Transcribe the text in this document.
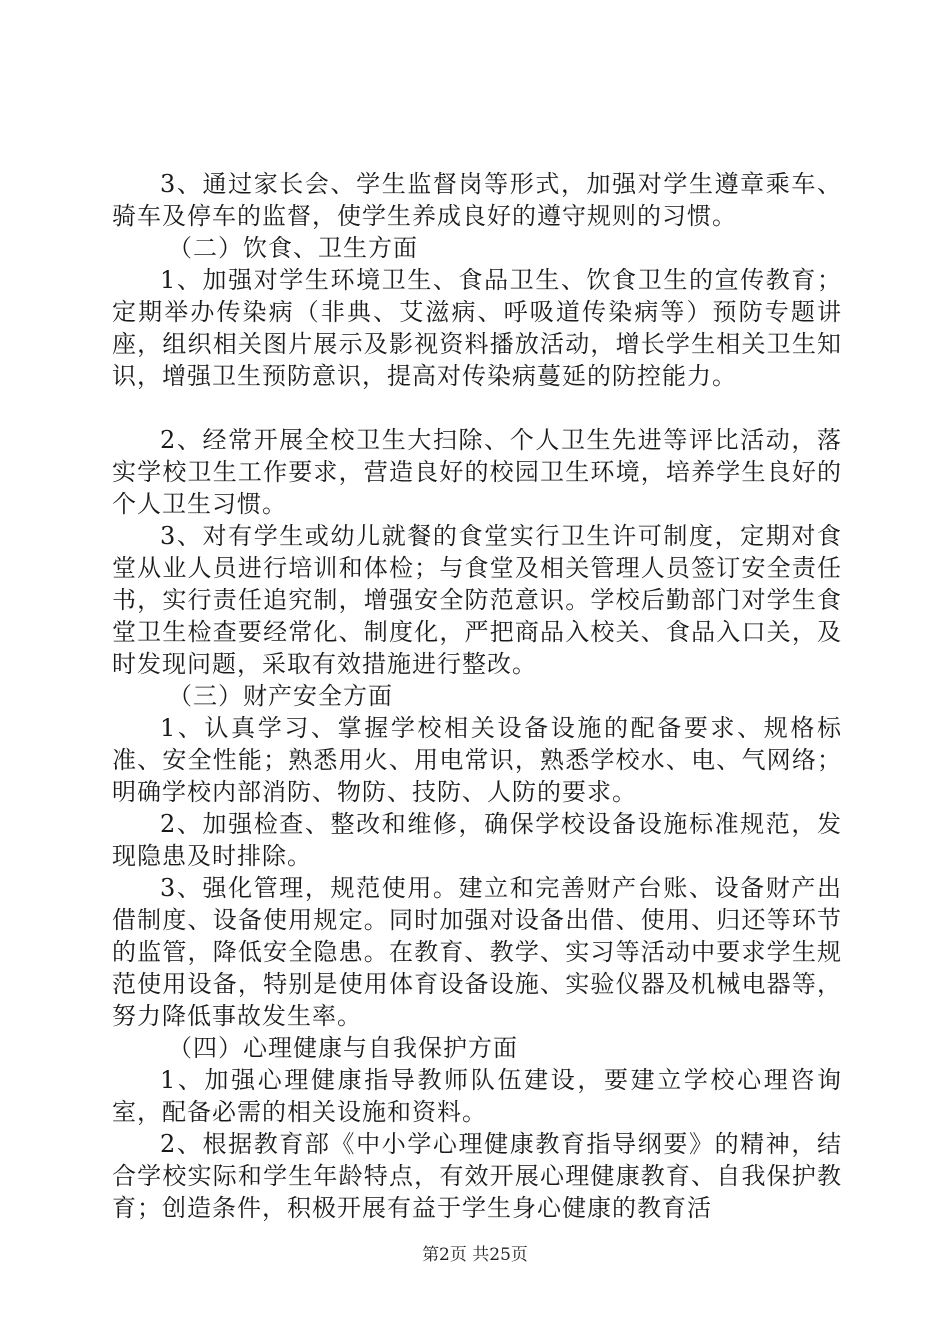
3、通过家长会、学生监督岗等形式，加强对学生遵章乘车、骑车及停车的监督，使学生养成良好的遵守规则的习惯。

（二）饮食、卫生方面

1、加强对学生环境卫生、食品卫生、饮食卫生的宣传教育；定期举办传染病（非典、艾滋病、呼吸道传染病等）预防专题讲座，组织相关图片展示及影视资料播放活动，增长学生相关卫生知识，增强卫生预防意识，提高对传染病蔓延的防控能力。

2、经常开展全校卫生大扫除、个人卫生先进等评比活动，落实学校卫生工作要求，营造良好的校园卫生环境，培养学生良好的个人卫生习惯。

3、对有学生或幼儿就餐的食堂实行卫生许可制度，定期对食堂从业人员进行培训和体检；与食堂及相关管理人员签订安全责任书，实行责任追究制，增强安全防范意识。学校后勤部门对学生食堂卫生检查要经常化、制度化，严把商品入校关、食品入口关，及时发现问题，采取有效措施进行整改。

（三）财产安全方面

1、认真学习、掌握学校相关设备设施的配备要求、规格标准、安全性能；熟悉用火、用电常识，熟悉学校水、电、气网络；明确学校内部消防、物防、技防、人防的要求。

2、加强检查、整改和维修，确保学校设备设施标准规范，发现隐患及时排除。

3、强化管理，规范使用。建立和完善财产台账、设备财产出借制度、设备使用规定。同时加强对设备出借、使用、归还等环节的监管，降低安全隐患。在教育、教学、实习等活动中要求学生规范使用设备，特别是使用体育设备设施、实验仪器及机械电器等，努力降低事故发生率。

（四）心理健康与自我保护方面

1、加强心理健康指导教师队伍建设，要建立学校心理咨询室，配备必需的相关设施和资料。

2、根据教育部《中小学心理健康教育指导纲要》的精神，结合学校实际和学生年龄特点，有效开展心理健康教育、自我保护教育；创造条件，积极开展有益于学生身心健康的教育活

第2页 共25页
